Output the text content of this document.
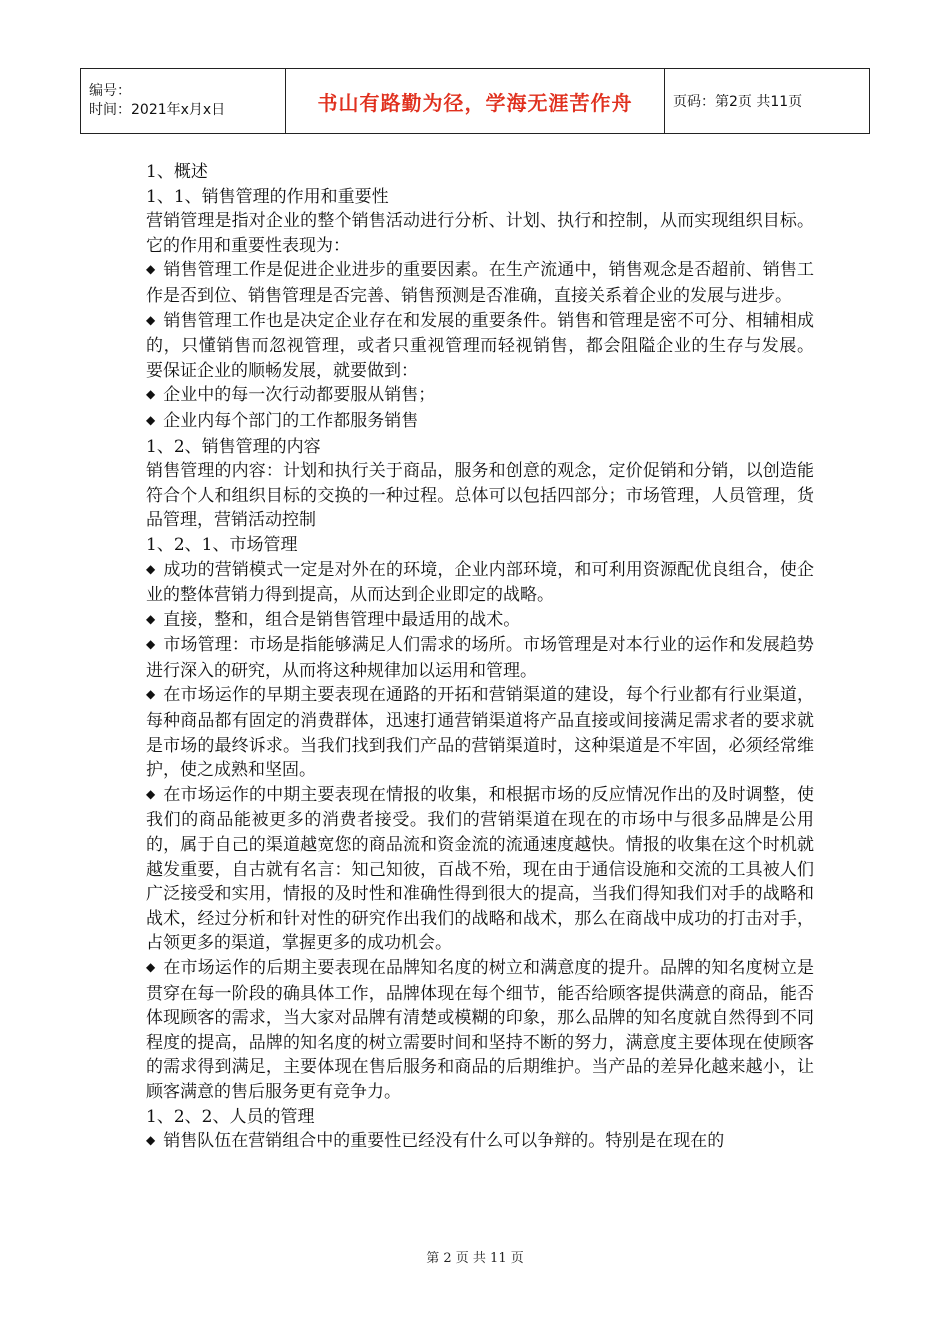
编号：
时间：2021年x月x日	书山有路勤为径，学海无涯苦作舟	页码：第2页 共11页

1、概述

1、1、销售管理的作用和重要性

营销管理是指对企业的整个销售活动进行分析、计划、执行和控制，从而实现组织目标。它的作用和重要性表现为：

◆ 销售管理工作是促进企业进步的重要因素。在生产流通中，销售观念是否超前、销售工作是否到位、销售管理是否完善、销售预测是否准确，直接关系着企业的发展与进步。

◆ 销售管理工作也是决定企业存在和发展的重要条件。销售和管理是密不可分、相辅相成的，只懂销售而忽视管理，或者只重视管理而轻视销售，都会阻隘企业的生存与发展。 要保证企业的顺畅发展，就要做到：

◆ 企业中的每一次行动都要服从销售；

◆ 企业内每个部门的工作都服务销售

1、2、销售管理的内容

销售管理的内容：计划和执行关于商品，服务和创意的观念，定价促销和分销，以创造能符合个人和组织目标的交换的一种过程。总体可以包括四部分；市场管理，人员管理，货品管理，营销活动控制

1、2、1、市场管理

◆ 成功的营销模式一定是对外在的环境，企业内部环境，和可利用资源配优良组合，使企业的整体营销力得到提高，从而达到企业即定的战略。

◆ 直接，整和，组合是销售管理中最适用的战术。

◆ 市场管理：市场是指能够满足人们需求的场所。市场管理是对本行业的运作和发展趋势进行深入的研究，从而将这种规律加以运用和管理。

◆ 在市场运作的早期主要表现在通路的开拓和营销渠道的建设，每个行业都有行业渠道，每种商品都有固定的消费群体，迅速打通营销渠道将产品直接或间接满足需求者的要求就是市场的最终诉求。当我们找到我们产品的营销渠道时，这种渠道是不牢固，必须经常维护，使之成熟和坚固。

◆ 在市场运作的中期主要表现在情报的收集，和根据市场的反应情况作出的及时调整，使我们的商品能被更多的消费者接受。我们的营销渠道在现在的市场中与很多品牌是公用的，属于自己的渠道越宽您的商品流和资金流的流通速度越快。情报的收集在这个时机就越发重要，自古就有名言：知己知彼，百战不殆，现在由于通信设施和交流的工具被人们广泛接受和实用，情报的及时性和准确性得到很大的提高，当我们得知我们对手的战略和战术，经过分析和针对性的研究作出我们的战略和战术，那么在商战中成功的打击对手，占领更多的渠道，掌握更多的成功机会。

◆ 在市场运作的后期主要表现在品牌知名度的树立和满意度的提升。品牌的知名度树立是贯穿在每一阶段的确具体工作，品牌体现在每个细节，能否给顾客提供满意的商品，能否体现顾客的需求，当大家对品牌有清楚或模糊的印象，那么品牌的知名度就自然得到不同程度的提高，品牌的知名度的树立需要时间和坚持不断的努力，满意度主要体现在使顾客的需求得到满足，主要体现在售后服务和商品的后期维护。当产品的差异化越来越小，让顾客满意的售后服务更有竞争力。

1、2、2、人员的管理

◆ 销售队伍在营销组合中的重要性已经没有什么可以争辩的。特别是在现在的

第 2 页 共 11 页
